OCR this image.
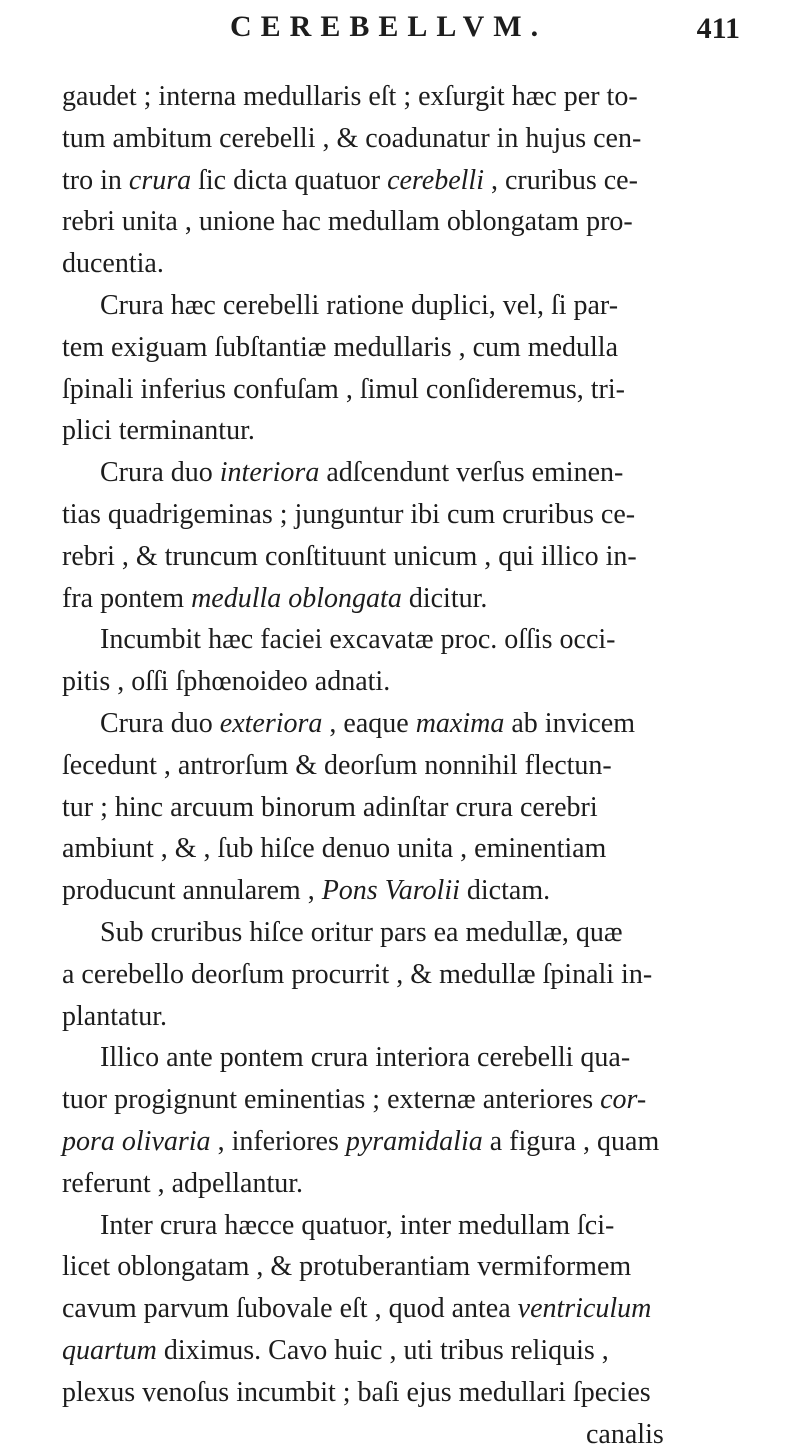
CEREBELLVM.	411
gaudet ; interna medullaris eſt ; exſurgit hæc per to-
tum ambitum cerebelli , & coadunatur in hujus cen-
tro in crura ſic dicta quatuor cerebelli , cruribus ce-
rebri unita , unione hac medullam oblongatam pro-
ducentia.
Crura hæc cerebelli ratione duplici, vel, ſi par-
tem exiguam ſubſtantiæ medullaris , cum medulla
ſpinali inferius confuſam , ſimul conſideremus, tri-
plici terminantur.
Crura duo interiora adſcendunt verſus eminen-
tias quadrigeminas ; junguntur ibi cum cruribus ce-
rebri , & truncum conſtituunt unicum , qui illico in-
fra pontem medulla oblongata dicitur.
Incumbit hæc faciei excavatæ proc. oſſis occi-
pitis , oſſi ſphœnoideo adnati.
Crura duo exteriora , eaque maxima ab invicem
ſecedunt , antrorſum & deorſum nonnihil flectun-
tur ; hinc arcuum binorum adinſtar crura cerebri
ambiunt , & , ſub hiſce denuo unita , eminentiam
producunt annularem , Pons Varolii dictam.
Sub cruribus hiſce oritur pars ea medullæ, quæ
a cerebello deorſum procurrit , & medullæ ſpinali in-
plantatur.
Illico ante pontem crura interiora cerebelli qua-
tuor progignunt eminentias ; externæ anteriores cor-
pora olivaria , inferiores pyramidalia a figura , quam
referunt , adpellantur.
Inter crura hæcce quatuor, inter medullam ſci-
licet oblongatam , & protuberantiam vermiformem
cavum parvum ſubovale eſt , quod antea ventriculum
quartum diximus. Cavo huic , uti tribus reliquis ,
plexus venoſus incumbit ; baſi ejus medullari ſpecies
canalis
